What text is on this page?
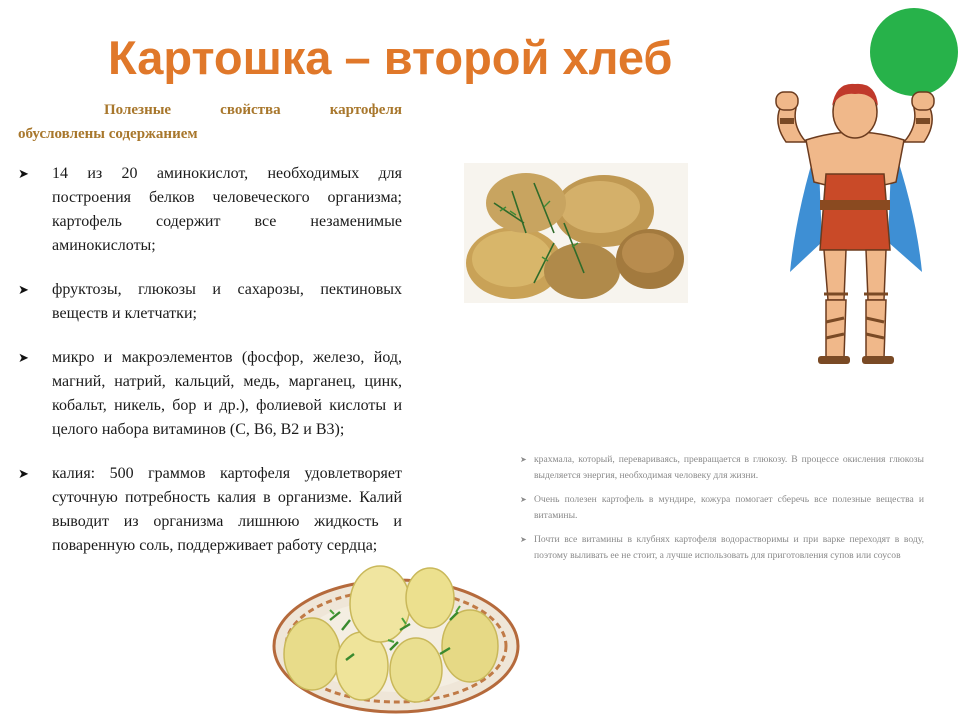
Картошка – второй хлеб
Полезные свойства картофеля обусловлены содержанием
➤ 14 из 20 аминокислот, необходимых для построения белков человеческого организма; картофель содержит все незаменимые аминокислоты;
➤ фруктозы, глюкозы и сахарозы, пектиновых веществ и клетчатки;
➤ микро и макроэлементов (фосфор, железо, йод, магний, натрий, кальций, медь, марганец, цинк, кобальт, никель, бор и др.), фолиевой кислоты и целого набора витаминов (С, В6, В2 и В3);
➤ калия: 500 граммов картофеля удовлетворяет суточную потребность калия в организме. Калий выводит из организма лишнюю жидкость и поваренную соль, поддерживает работу сердца;
➤ крахмала, который, перевариваясь, превращается в глюкозу. В процессе окисления глюкозы выделяется энергия, необходимая человеку для жизни.
➤ Очень полезен картофель в мундире, кожура помогает сберечь все полезные вещества и витамины.
➤ Почти все витамины в клубнях картофеля водорастворимы и при варке переходят в воду, поэтому выливать ее не стоит, а лучше использовать для приготовления супов или соусов
